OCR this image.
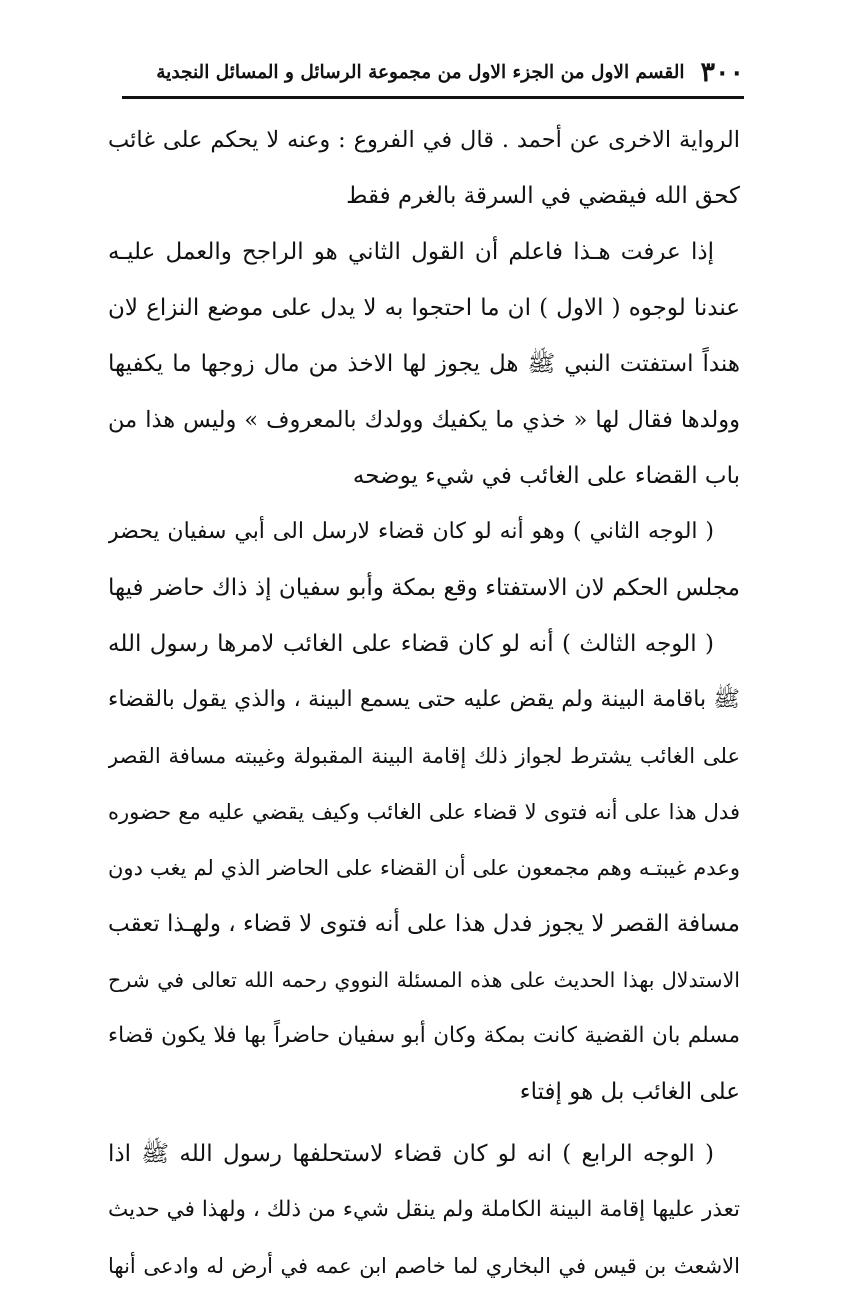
٣٠٠
القسم الاول من الجزء الاول من مجموعة الرسائل و المسائل النجدية
الرواية الاخرى عن أحمد . قال في الفروع : وعنه لا يحكم على غائب
كحق الله فيقضي في السرقة بالغرم فقط
إذا عرفت هـذا فاعلم أن القول الثاني هو الراجح والعمل عليـه
عندنا لوجوه ( الاول ) ان ما احتجوا به لا يدل على موضع النزاع لان
هنداً استفتت النبي ﷺ هل يجوز لها الاخذ من مال زوجها ما يكفيها
وولدها فقال لها « خذي ما يكفيك وولدك بالمعروف » وليس هذا من
باب القضاء على الغائب في شيء يوضحه
( الوجه الثاني ) وهو أنه لو كان قضاء لارسل الى أبي سفيان يحضر
مجلس الحكم لان الاستفتاء وقع بمكة وأبو سفيان إذ ذاك حاضر فيها
( الوجه الثالث ) أنه لو كان قضاء على الغائب لامرها رسول الله
ﷺ باقامة البينة ولم يقض عليه حتى يسمع البينة ، والذي يقول بالقضاء
على الغائب يشترط لجواز ذلك إقامة البينة المقبولة وغيبته مسافة القصر
فدل هذا على أنه فتوى لا قضاء على الغائب وكيف يقضي عليه مع حضوره
وعدم غيبتـه وهم مجمعون على أن القضاء على الحاضر الذي لم يغب دون
مسافة القصر لا يجوز فدل هذا على أنه فتوى لا قضاء ، ولهـذا تعقب
الاستدلال بهذا الحديث على هذه المسئلة النووي رحمه الله تعالى في شرح
مسلم بان القضية كانت بمكة وكان أبو سفيان حاضراً بها فلا يكون قضاء
على الغائب بل هو إفتاء
( الوجه الرابع ) انه لو كان قضاء لاستحلفها رسول الله ﷺ اذا
تعذر عليها إقامة البينة الكاملة ولم ينقل شيء من ذلك ، ولهذا في حديث
الاشعث بن قيس في البخاري لما خاصم ابن عمه في أرض له وادعى أنها
